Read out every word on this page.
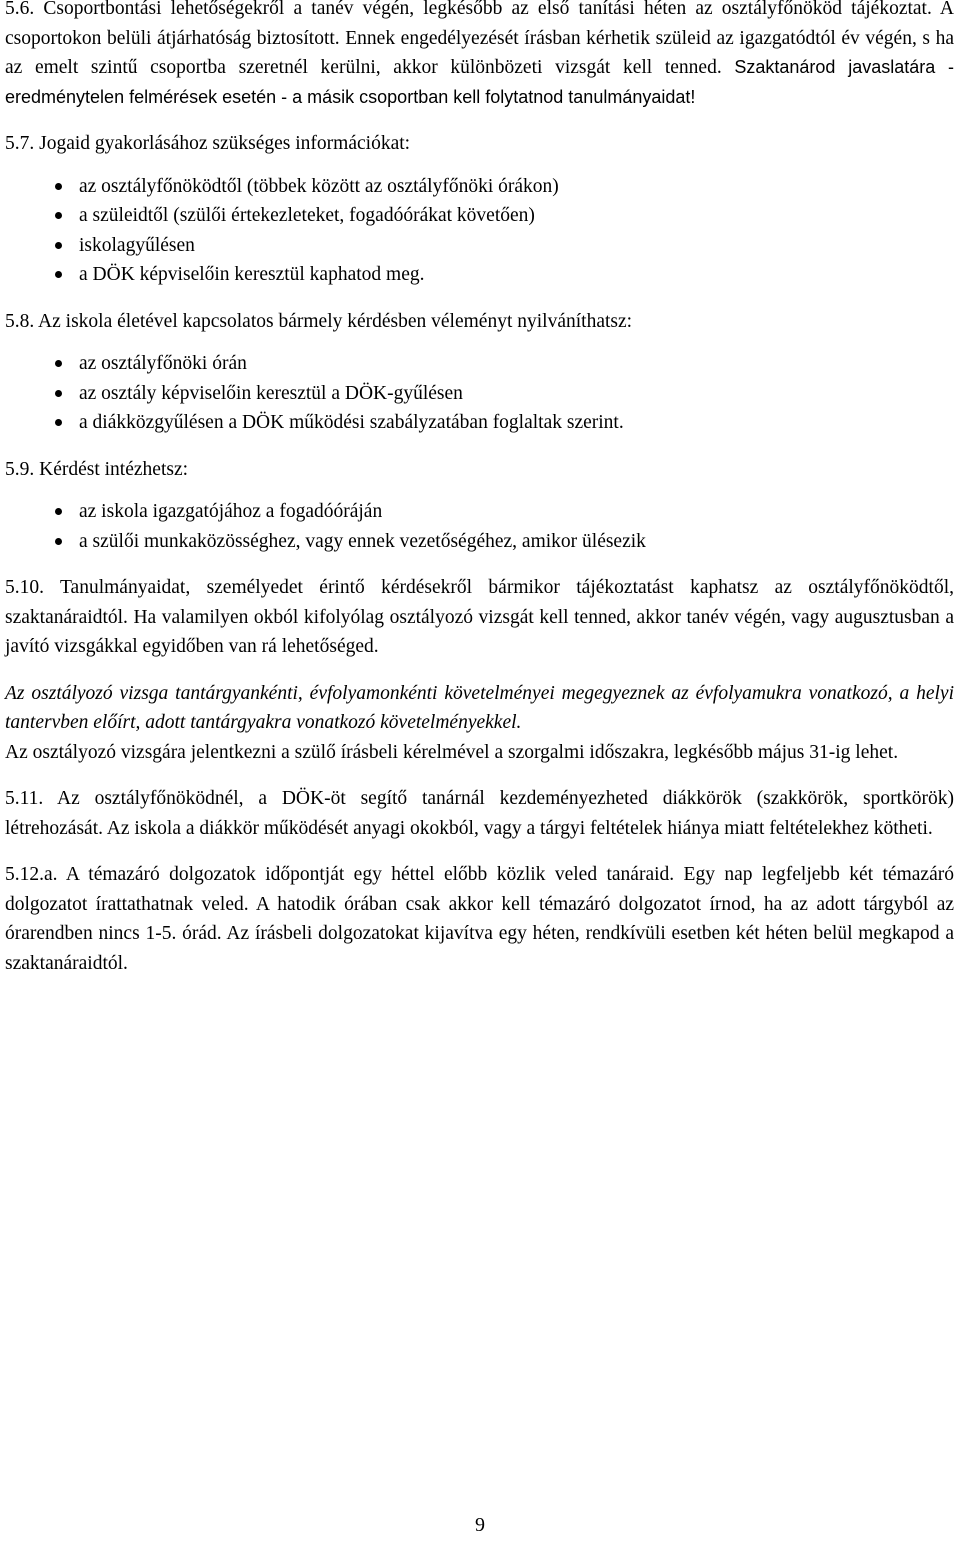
5.6. Csoportbontási lehetőségekről a tanév végén, legkésőbb az első tanítási héten az osztályfőnököd tájékoztat. A csoportokon belüli átjárhatóság biztosított. Ennek engedélyezését írásban kérhetik szüleid az igazgatódtól év végén, s ha az emelt szintű csoportba szeretnél kerülni, akkor különbözeti vizsgát kell tenned. Szaktanárod javaslatára - eredménytelen felmérések esetén - a másik csoportban kell folytatnod tanulmányaidat!

5.7. Jogaid gyakorlásához szükséges információkat:

az osztályfőnöködtől (többek között az osztályfőnöki órákon)
a szüleidtől (szülői értekezleteket, fogadóórákat követően)
iskolagyűlésen
a DÖK képviselőin keresztül kaphatod meg.

5.8. Az iskola életével kapcsolatos bármely kérdésben véleményt nyilváníthatsz:

az osztályfőnöki órán
az osztály képviselőin keresztül a DÖK-gyűlésen
a diákközgyűlésen a DÖK működési szabályzatában foglaltak szerint.

5.9. Kérdést intézhetsz:

az iskola igazgatójához a fogadóóráján
a szülői munkaközösséghez, vagy ennek vezetőségéhez, amikor ülésezik

5.10. Tanulmányaidat, személyedet érintő kérdésekről bármikor tájékoztatást kaphatsz az osztályfőnöködtől, szaktanáraidtól. Ha valamilyen okból kifolyólag osztályozó vizsgát kell tenned, akkor tanév végén, vagy augusztusban a javító vizsgákkal egyidőben van rá lehetőséged.

Az osztályozó vizsga tantárgyankénti, évfolyamonkénti követelményei megegyeznek az évfolyamukra vonatkozó, a helyi tantervben előírt, adott tantárgyakra vonatkozó követelményekkel.

Az osztályozó vizsgára jelentkezni a szülő írásbeli kérelmével a szorgalmi időszakra, legkésőbb május 31-ig lehet.

5.11. Az osztályfőnöködnél, a DÖK-öt segítő tanárnál kezdeményezheted diákkörök (szakkörök, sportkörök) létrehozását. Az iskola a diákkör működését anyagi okokból, vagy a tárgyi feltételek hiánya miatt feltételekhez kötheti.

5.12.a. A témazáró dolgozatok időpontját egy héttel előbb közlik veled tanáraid. Egy nap legfeljebb két témazáró dolgozatot írattathatnak veled. A hatodik órában csak akkor kell témazáró dolgozatot írnod, ha az adott tárgyból az órarendben nincs 1-5. órád. Az írásbeli dolgozatokat kijavítva egy héten, rendkívüli esetben két héten belül megkapod a szaktanáraidtól.

9
